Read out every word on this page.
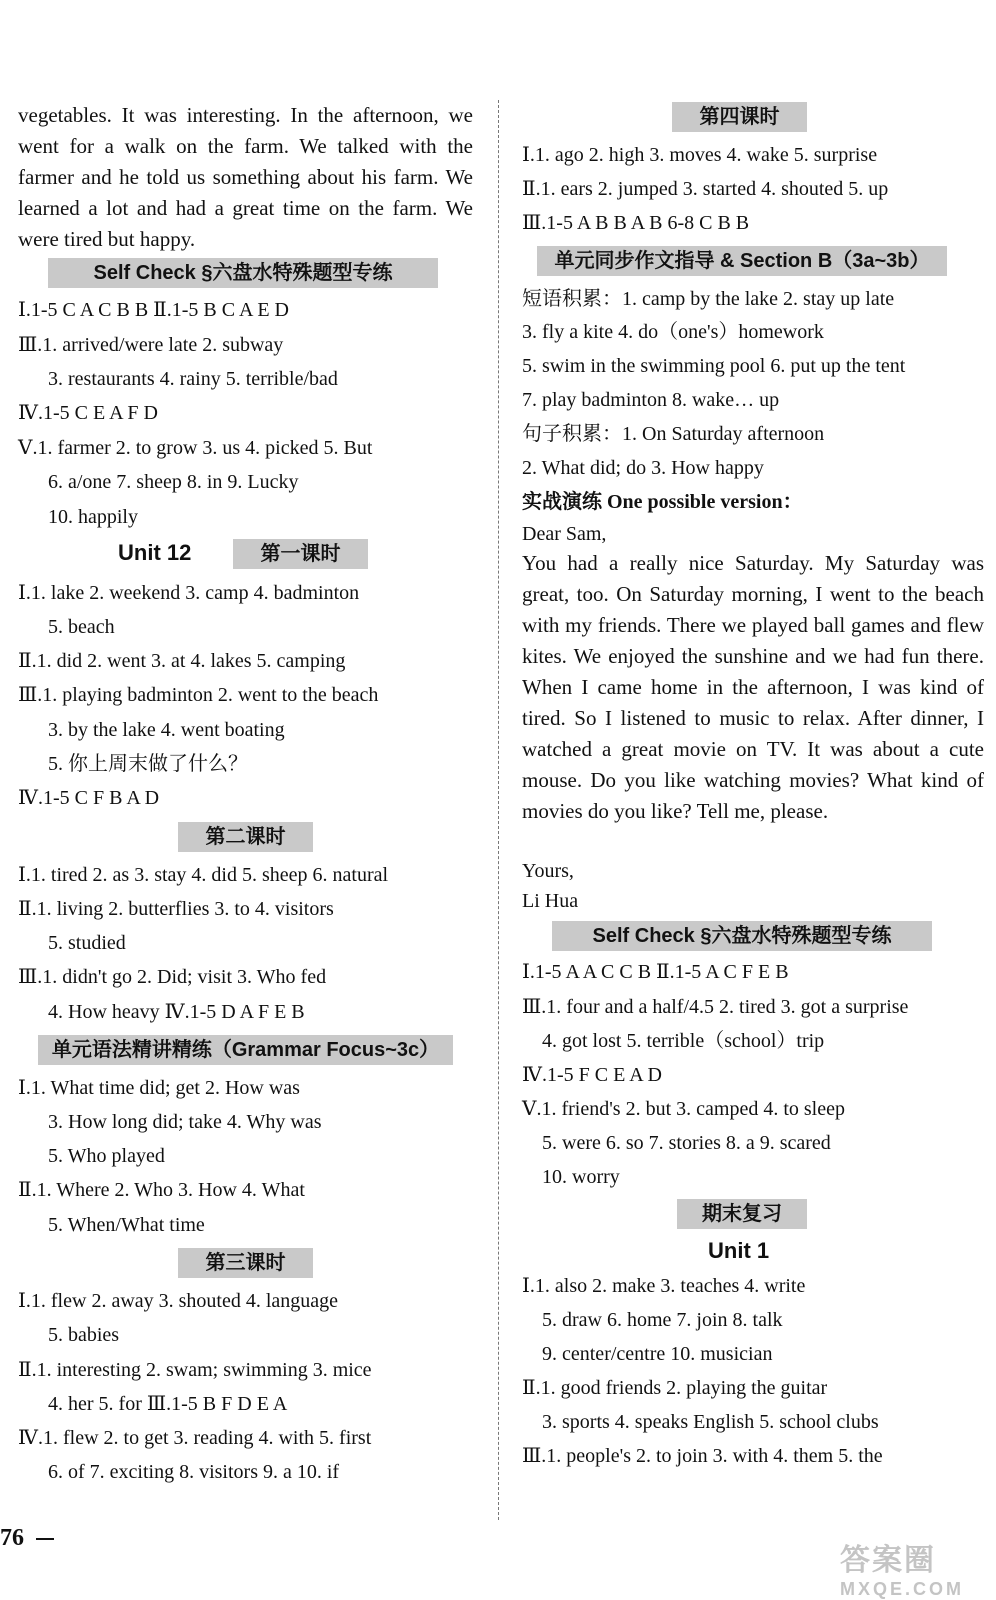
vegetables. It was interesting. In the afternoon, we went for a walk on the farm. We talked with the farmer and he told us something about his farm. We learned a lot and had a great time on the farm. We were tired but happy.

Self Check §六盘水特殊题型专练
Ⅰ.1-5 C A C B B Ⅱ.1-5 B C A E D
Ⅲ.1. arrived/were late 2. subway
3. restaurants 4. rainy 5. terrible/bad
Ⅳ.1-5 C E A F D
Ⅴ.1. farmer 2. to grow 3. us 4. picked 5. But
6. a/one 7. sheep 8. in 9. Lucky
10. happily
Unit 12	第一课时
Ⅰ.1. lake 2. weekend 3. camp 4. badminton
5. beach
Ⅱ.1. did 2. went 3. at 4. lakes 5. camping
Ⅲ.1. playing badminton 2. went to the beach
3. by the lake 4. went boating
5. 你上周末做了什么？
Ⅳ.1-5 C F B A D
第二课时
Ⅰ.1. tired 2. as 3. stay 4. did 5. sheep 6. natural
Ⅱ.1. living 2. butterflies 3. to 4. visitors
5. studied
Ⅲ.1. didn't go 2. Did; visit 3. Who fed
4. How heavy Ⅳ.1-5 D A F E B
单元语法精讲精练（Grammar Focus~3c）
Ⅰ.1. What time did; get 2. How was
3. How long did; take 4. Why was
5. Who played
Ⅱ.1. Where 2. Who 3. How 4. What
5. When/What time
第三课时
Ⅰ.1. flew 2. away 3. shouted 4. language
5. babies
Ⅱ.1. interesting 2. swam; swimming 3. mice
4. her 5. for Ⅲ.1-5 B F D E A
Ⅳ.1. flew 2. to get 3. reading 4. with 5. first
6. of 7. exciting 8. visitors 9. a 10. if
第四课时
Ⅰ.1. ago 2. high 3. moves 4. wake 5. surprise
Ⅱ.1. ears 2. jumped 3. started 4. shouted 5. up
Ⅲ.1-5 A B B A B 6-8 C B B
单元同步作文指导 & Section B（3a~3b）
短语积累：1. camp by the lake 2. stay up late
3. fly a kite 4. do（one's）homework
5. swim in the swimming pool 6. put up the tent
7. play badminton 8. wake… up
句子积累：1. On Saturday afternoon
2. What did; do 3. How happy
实战演练 One possible version：
Dear Sam,

You had a really nice Saturday. My Saturday was great, too. On Saturday morning, I went to the beach with my friends. There we played ball games and flew kites. We enjoyed the sunshine and we had fun there. When I came home in the afternoon, I was kind of tired. So I listened to music to relax. After dinner, I watched a great movie on TV. It was about a cute mouse. Do you like watching movies? What kind of movies do you like? Tell me, please.

Yours,
Li Hua
Self Check §六盘水特殊题型专练
Ⅰ.1-5 A A C C B Ⅱ.1-5 A C F E B
Ⅲ.1. four and a half/4.5 2. tired 3. got a surprise
4. got lost 5. terrible（school）trip
Ⅳ.1-5 F C E A D
Ⅴ.1. friend's 2. but 3. camped 4. to sleep
5. were 6. so 7. stories 8. a 9. scared
10. worry
期末复习
Unit 1
Ⅰ.1. also 2. make 3. teaches 4. write
5. draw 6. home 7. join 8. talk
9. center/centre 10. musician
Ⅱ.1. good friends 2. playing the guitar
3. sports 4. speaks English 5. school clubs
Ⅲ.1. people's 2. to join 3. with 4. them 5. the
76
答案圈
MXQE.COM
